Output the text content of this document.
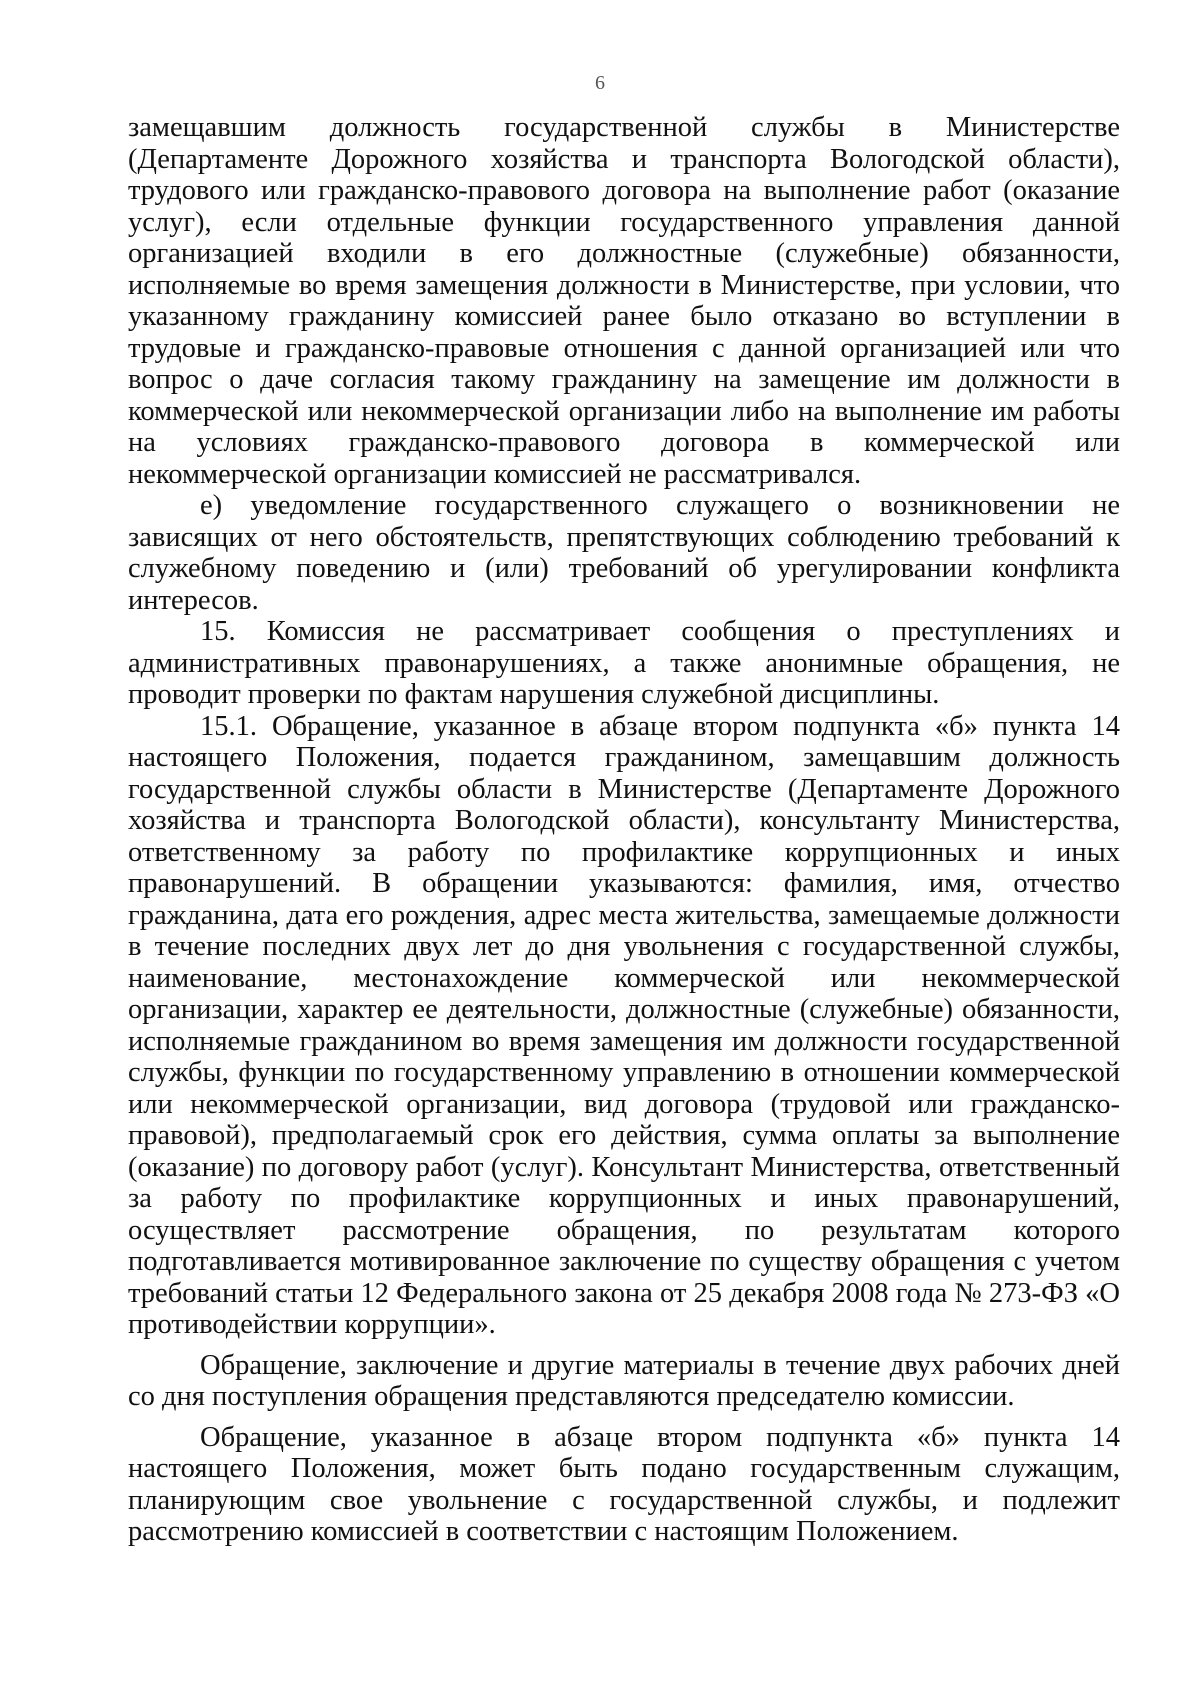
6

замещавшим должность государственной службы в Министерстве (Департаменте Дорожного хозяйства и транспорта Вологодской области), трудового или гражданско-правового договора на выполнение работ (оказание услуг), если отдельные функции государственного управления данной организацией входили в его должностные (служебные) обязанности, исполняемые во время замещения должности в Министерстве, при условии, что указанному гражданину комиссией ранее было отказано во вступлении в трудовые и гражданско-правовые отношения с данной организацией или что вопрос о даче согласия такому гражданину на замещение им должности в коммерческой или некоммерческой организации либо на выполнение им работы на условиях гражданско-правового договора в коммерческой или некоммерческой организации комиссией не рассматривался.

е) уведомление государственного служащего о возникновении не зависящих от него обстоятельств, препятствующих соблюдению требований к служебному поведению и (или) требований об урегулировании конфликта интересов.

15. Комиссия не рассматривает сообщения о преступлениях и административных правонарушениях, а также анонимные обращения, не проводит проверки по фактам нарушения служебной дисциплины.

15.1. Обращение, указанное в абзаце втором подпункта «б» пункта 14 настоящего Положения, подается гражданином, замещавшим должность государственной службы области в Министерстве (Департаменте Дорожного хозяйства и транспорта Вологодской области), консультанту Министерства, ответственному за работу по профилактике коррупционных и иных правонарушений. В обращении указываются: фамилия, имя, отчество гражданина, дата его рождения, адрес места жительства, замещаемые должности в течение последних двух лет до дня увольнения с государственной службы, наименование, местонахождение коммерческой или некоммерческой организации, характер ее деятельности, должностные (служебные) обязанности, исполняемые гражданином во время замещения им должности государственной службы, функции по государственному управлению в отношении коммерческой или некоммерческой организации, вид договора (трудовой или гражданско-правовой), предполагаемый срок его действия, сумма оплаты за выполнение (оказание) по договору работ (услуг). Консультант Министерства, ответственный за работу по профилактике коррупционных и иных правонарушений, осуществляет рассмотрение обращения, по результатам которого подготавливается мотивированное заключение по существу обращения с учетом требований статьи 12 Федерального закона от 25 декабря 2008 года № 273-ФЗ «О противодействии коррупции».

Обращение, заключение и другие материалы в течение двух рабочих дней со дня поступления обращения представляются председателю комиссии.

Обращение, указанное в абзаце втором подпункта «б» пункта 14 настоящего Положения, может быть подано государственным служащим, планирующим свое увольнение с государственной службы, и подлежит рассмотрению комиссией в соответствии с настоящим Положением.
